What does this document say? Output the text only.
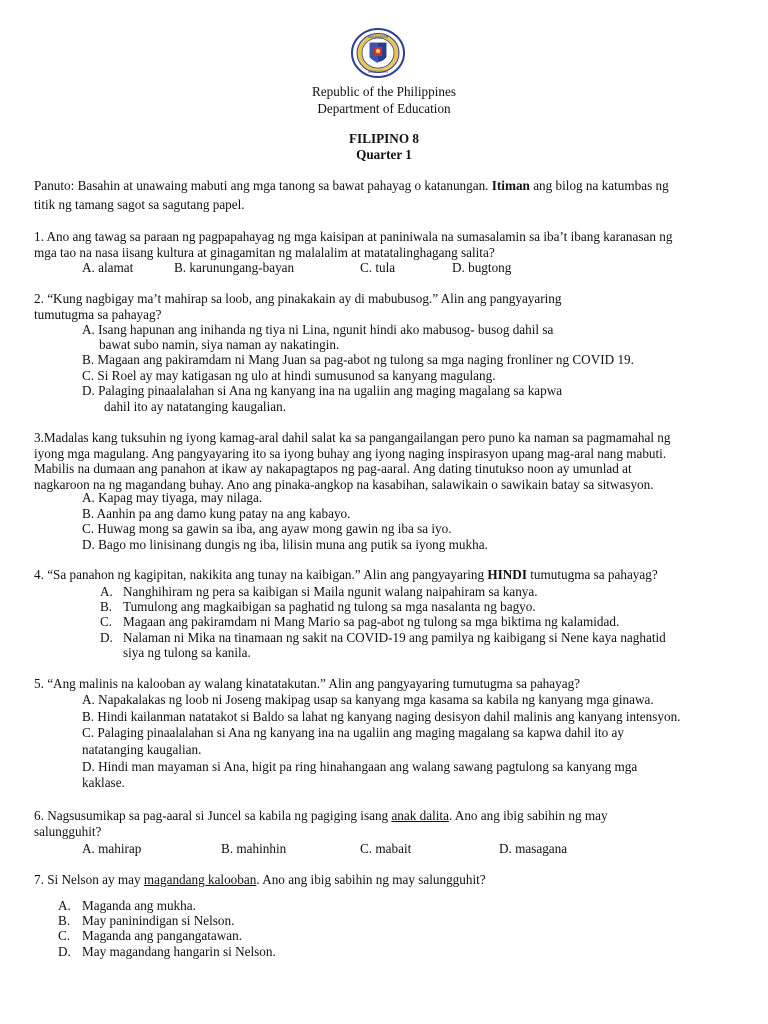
KAGAWARAN
EDUKASYON
Republic of the Philippines
Department of Education
FILIPINO 8
Quarter 1
Panuto: Basahin at unawaing mabuti ang mga tanong sa bawat pahayag o katanungan. Itiman ang bilog na katumbas ng
titik ng tamang sagot sa sagutang papel.
1. Ano ang tawag sa paraan ng pagpapahayag ng mga kaisipan at paniniwala na sumasalamin sa iba’t ibang karanasan ng
mga tao na nasa iisang kultura at ginagamitan ng malalalim at matatalinghagang salita?
A. alamat	B. karunungang-bayan	C. tula	D. bugtong
2. “Kung nagbigay ma’t mahirap sa loob, ang pinakakain ay di mabubusog.” Alin ang pangyayaring
tumutugma sa pahayag?
A. Isang hapunan ang inihanda ng tiya ni Lina, ngunit hindi ako mabusog- busog dahil sa
bawat subo namin, siya naman ay nakatingin.
B. Magaan ang pakiramdam ni Mang Juan sa pag-abot ng tulong sa mga naging fronliner ng COVID 19.
C. Si Roel ay may katigasan ng ulo at hindi sumusunod sa kanyang magulang.
D. Palaging pinaalalahan si Ana ng kanyang ina na ugaliin ang maging magalang sa kapwa
dahil ito ay natatanging kaugalian.
3.Madalas kang tuksuhin ng iyong kamag-aral dahil salat ka sa pangangailangan pero puno ka naman sa pagmamahal ng
iyong mga magulang. Ang pangyayaring ito sa iyong buhay ang iyong naging inspirasyon upang mag-aral nang mabuti.
Mabilis na dumaan ang panahon at ikaw ay nakapagtapos ng pag-aaral. Ang dating tinutukso noon ay umunlad at
nagkaroon na ng magandang buhay. Ano ang pinaka-angkop na kasabihan, salawikain o sawikain batay sa sitwasyon.
A. Kapag may tiyaga, may nilaga.
B. Aanhin pa ang damo kung patay na ang kabayo.
C. Huwag mong sa gawin sa iba, ang ayaw mong gawin ng iba sa iyo.
D. Bago mo linisinang dungis ng iba, lilisin muna ang putik sa iyong mukha.
4. “Sa panahon ng kagipitan, nakikita ang tunay na kaibigan.” Alin ang pangyayaring HINDI tumutugma sa pahayag?
A. Nanghihiram ng pera sa kaibigan si Maila ngunit walang naipahiram sa kanya.
B. Tumulong ang magkaibigan sa paghatid ng tulong sa mga nasalanta ng bagyo.
C. Magaan ang pakiramdam ni Mang Mario sa pag-abot ng tulong sa mga biktima ng kalamidad.
D. Nalaman ni Mika na tinamaan ng sakit na COVID-19 ang pamilya ng kaibigang si Nene kaya naghatid
siya ng tulong sa kanila.
5. “Ang malinis na kalooban ay walang kinatatakutan.” Alin ang pangyayaring tumutugma sa pahayag?
A. Napakalakas ng loob ni Joseng makipag usap sa kanyang mga kasama sa kabila ng kanyang mga ginawa.
B. Hindi kailanman natatakot si Baldo sa lahat ng kanyang naging desisyon dahil malinis ang kanyang intensyon.
C. Palaging pinaalalahan si Ana ng kanyang ina na ugaliin ang maging magalang sa kapwa dahil ito ay
natatanging kaugalian.
D. Hindi man mayaman si Ana, higit pa ring hinahangaan ang walang sawang pagtulong sa kanyang mga
kaklase.
6. Nagsusumikap sa pag-aaral si Juncel sa kabila ng pagiging isang anak dalita. Ano ang ibig sabihin ng may
salungguhit?
A. mahirap	B. mahinhin	C. mabait	D. masagana
7. Si Nelson ay may magandang kalooban. Ano ang ibig sabihin ng may salungguhit?
A. Maganda ang mukha.
B. May paninindigan si Nelson.
C. Maganda ang pangangatawan.
D. May magandang hangarin si Nelson.
